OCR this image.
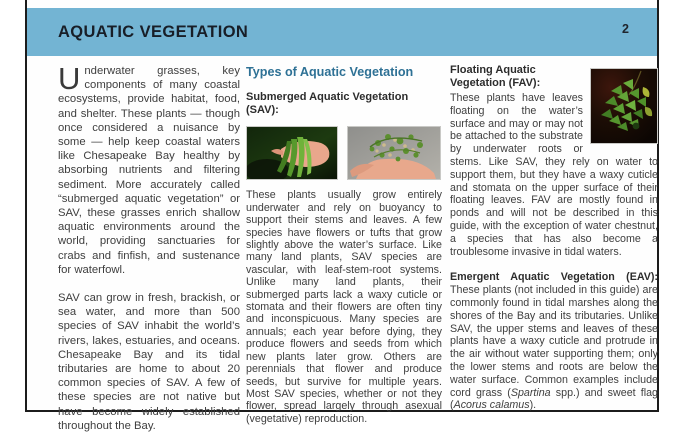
AQUATIC VEGETATION	2

Underwater grasses, key components of many coastal ecosystems, provide habitat, food, and shelter. These plants — though once considered a nuisance by some — help keep coastal waters like Chesapeake Bay healthy by absorbing nutrients and filtering sediment. More accurately called “submerged aquatic vegetation” or SAV, these grasses enrich shallow aquatic environments around the world, providing sanctuaries for crabs and finfish, and sustenance for waterfowl.

SAV can grow in fresh, brackish, or sea water, and more than 500 species of SAV inhabit the world’s rivers, lakes, estuaries, and oceans. Chesapeake Bay and its tidal tributaries are home to about 20 common species of SAV. A few of these species are not native but have become widely established throughout the Bay.

Types of Aquatic Vegetation
Submerged Aquatic Vegetation (SAV):

These plants usually grow entirely underwater and rely on buoyancy to support their stems and leaves. A few species have flowers or tufts that grow slightly above the water’s surface. Like many land plants, SAV species are vascular, with leaf-stem-root systems. Unlike many land plants, their submerged parts lack a waxy cuticle or stomata and their flowers are often tiny and inconspicuous. Many species are annuals; each year before dying, they produce flowers and seeds from which new plants later grow. Others are perennials that flower and produce seeds, but survive for multiple years. Most SAV species, whether or not they flower, spread largely through asexual (vegetative) reproduction.

Floating Aquatic Vegetation (FAV):
These plants have leaves floating on the water’s surface and may or may not be attached to the substrate by underwater roots or stems. Like SAV, they rely on water to support them, but they have a waxy cuticle and stomata on the upper surface of their floating leaves. FAV are mostly found in ponds and will not be described in this guide, with the exception of water chestnut, a species that has also become a troublesome invasive in tidal waters.

Emergent Aquatic Vegetation (EAV): These plants (not included in this guide) are commonly found in tidal marshes along the shores of the Bay and its tributaries. Unlike SAV, the upper stems and leaves of these plants have a waxy cuticle and protrude in the air without water supporting them; only the lower stems and roots are below the water surface. Common examples include cord grass (Spartina spp.) and sweet flag (Acorus calamus).
